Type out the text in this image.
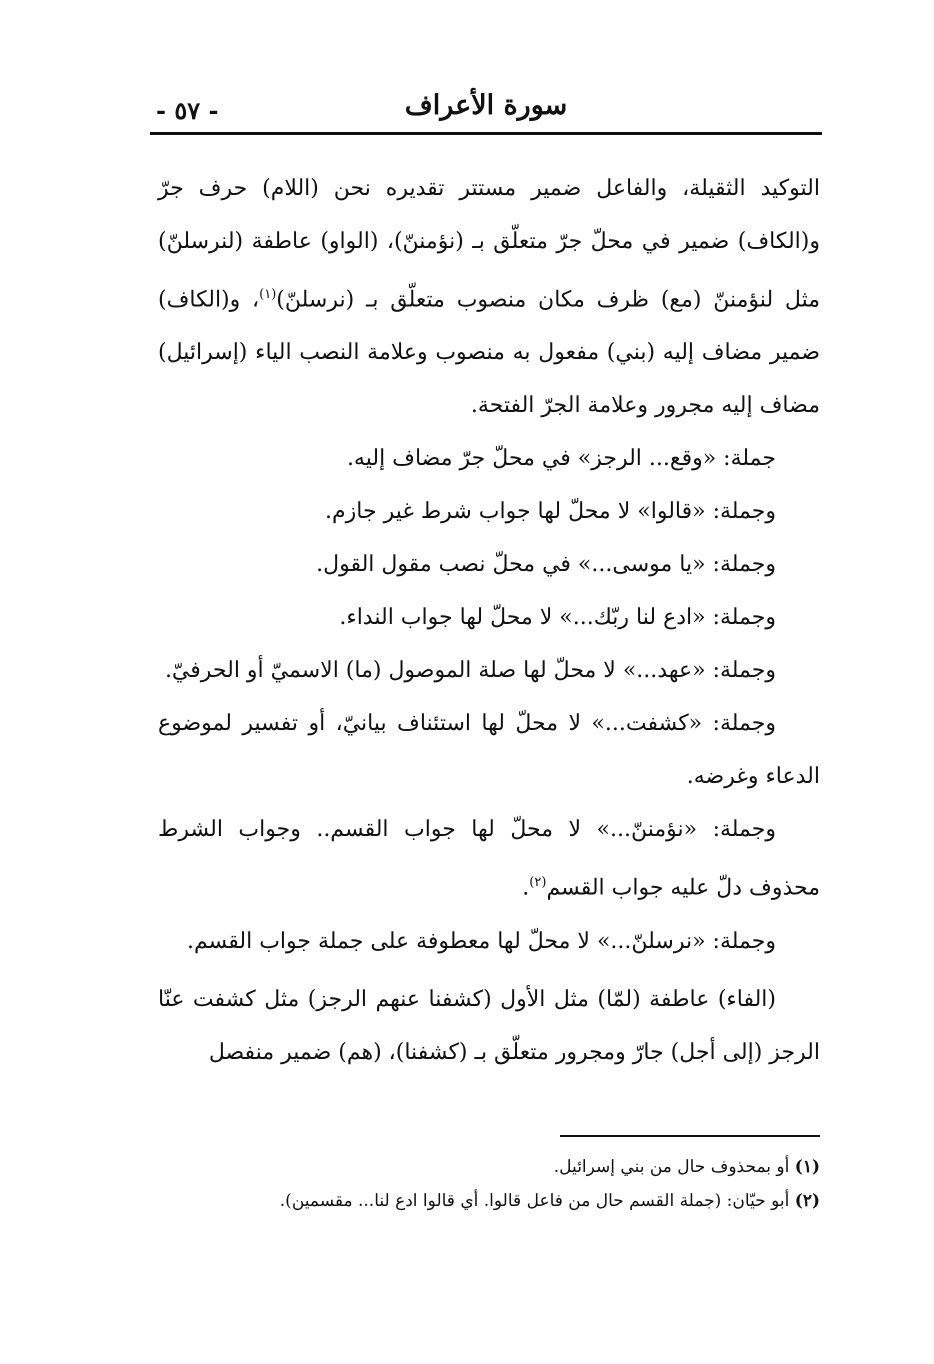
سورة الأعراف
- ٥٧ -

التوكيد الثقيلة، والفاعل ضمير مستتر تقديره نحن (اللام) حرف جرّ و(الكاف) ضمير في محلّ جرّ متعلّق بـ (نؤمننّ)، (الواو) عاطفة (لنرسلنّ) مثل لنؤمننّ (مع) ظرف مكان منصوب متعلّق بـ (نرسلنّ)$^{(١)}$، و(الكاف) ضمير مضاف إليه (بني) مفعول به منصوب وعلامة النصب الياء (إسرائيل) مضاف إليه مجرور وعلامة الجرّ الفتحة.

جملة: «وقع... الرجز» في محلّ جرّ مضاف إليه.

وجملة: «قالوا» لا محلّ لها جواب شرط غير جازم.

وجملة: «يا موسى...» في محلّ نصب مقول القول.

وجملة: «ادع لنا ربّك...» لا محلّ لها جواب النداء.

وجملة: «عهد...» لا محلّ لها صلة الموصول (ما) الاسميّ أو الحرفيّ.

وجملة: «كشفت...» لا محلّ لها استئناف بيانيّ، أو تفسير لموضوع الدعاء وغرضه.

وجملة: «نؤمننّ...» لا محلّ لها جواب القسم.. وجواب الشرط محذوف دلّ عليه جواب القسم$^{(٢)}$.

وجملة: «نرسلنّ...» لا محلّ لها معطوفة على جملة جواب القسم.

(الفاء) عاطفة (لمّا) مثل الأول (كشفنا عنهم الرجز) مثل كشفت عنّا الرجز (إلى أجل) جارّ ومجرور متعلّق بـ (كشفنا)، (هم) ضمير منفصل

(١) أو بمحذوف حال من بني إسرائيل.

(٢) أبو حيّان: (جملة القسم حال من فاعل قالوا. أي قالوا ادع لنا... مقسمين).
